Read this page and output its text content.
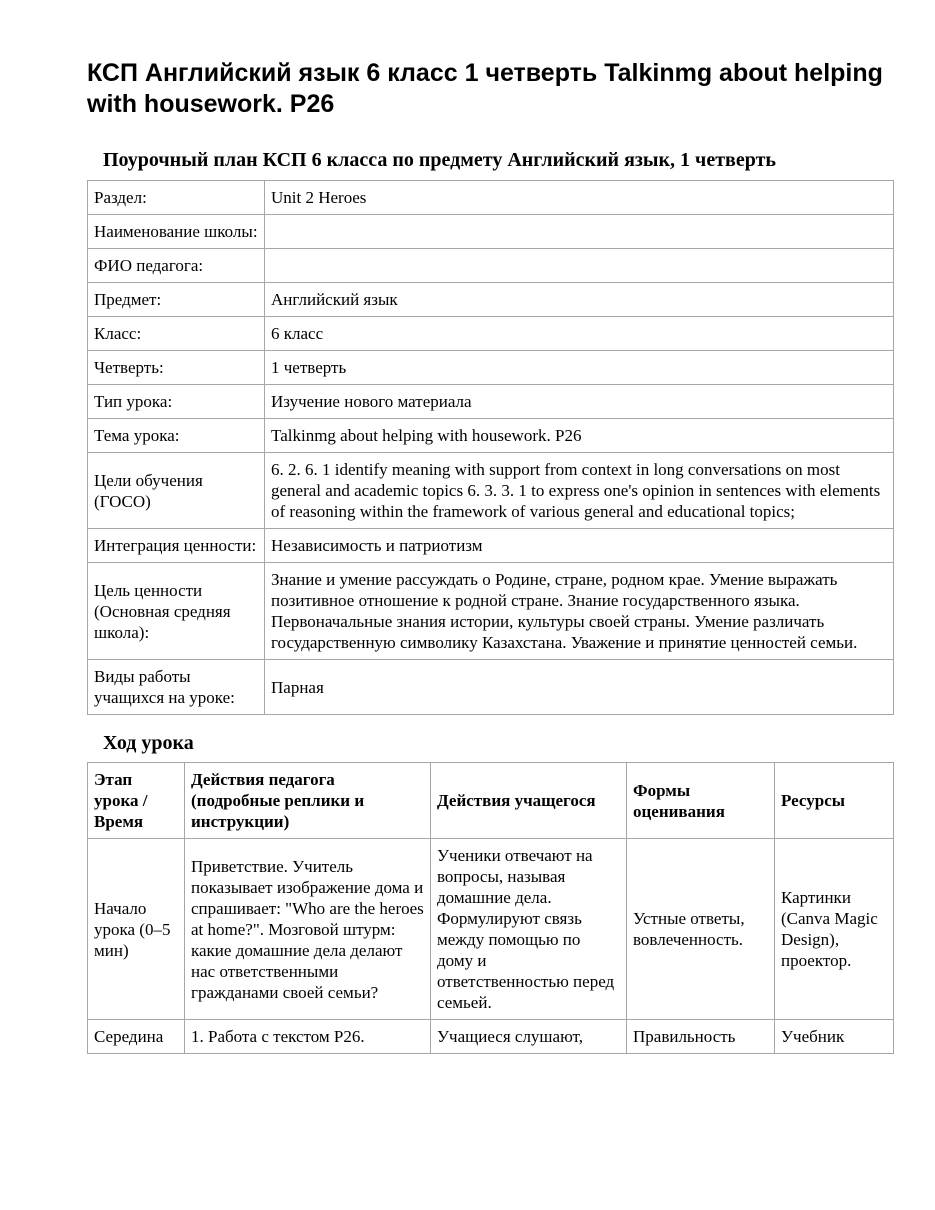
КСП Английский язык 6 класс 1 четверть Talkinmg about helping with housework. P26
Поурочный план КСП 6 класса по предмету Английский язык, 1 четверть
Раздел:	Unit 2 Heroes
Наименование школы:	
ФИО педагога:	
Предмет:	Английский язык
Класс:	6 класс
Четверть:	1 четверть
Тип урока:	Изучение нового материала
Тема урока:	Talkinmg about helping with housework. P26
Цели обучения (ГОСО)	6. 2. 6. 1 identify meaning with support from context in long conversations on most general and academic topics 6. 3. 3. 1 to express one's opinion in sentences with elements of reasoning within the framework of various general and educational topics;
Интеграция ценности:	Независимость и патриотизм
Цель ценности (Основная средняя школа):	Знание и умение рассуждать о Родине, стране, родном крае. Умение выражать позитивное отношение к родной стране. Знание государственного языка. Первоначальные знания истории, культуры своей страны. Умение различать государственную символику Казахстана. Уважение и принятие ценностей семьи.
Виды работы учащихся на уроке:	Парная
Ход урока
Этап урока / Время	Действия педагога (подробные реплики и инструкции)	Действия учащегося	Формы оценивания	Ресурсы
Начало урока (0–5 мин)	Приветствие. Учитель показывает изображение дома и спрашивает: "Who are the heroes at home?". Мозговой штурм: какие домашние дела делают нас ответственными гражданами своей семьи?	Ученики отвечают на вопросы, называя домашние дела. Формулируют связь между помощью по дому и ответственностью перед семьей.	Устные ответы, вовлеченность.	Картинки (Canva Magic Design), проектор.
Середина	1. Работа с текстом P26.	Учащиеся слушают,	Правильность	Учебник
